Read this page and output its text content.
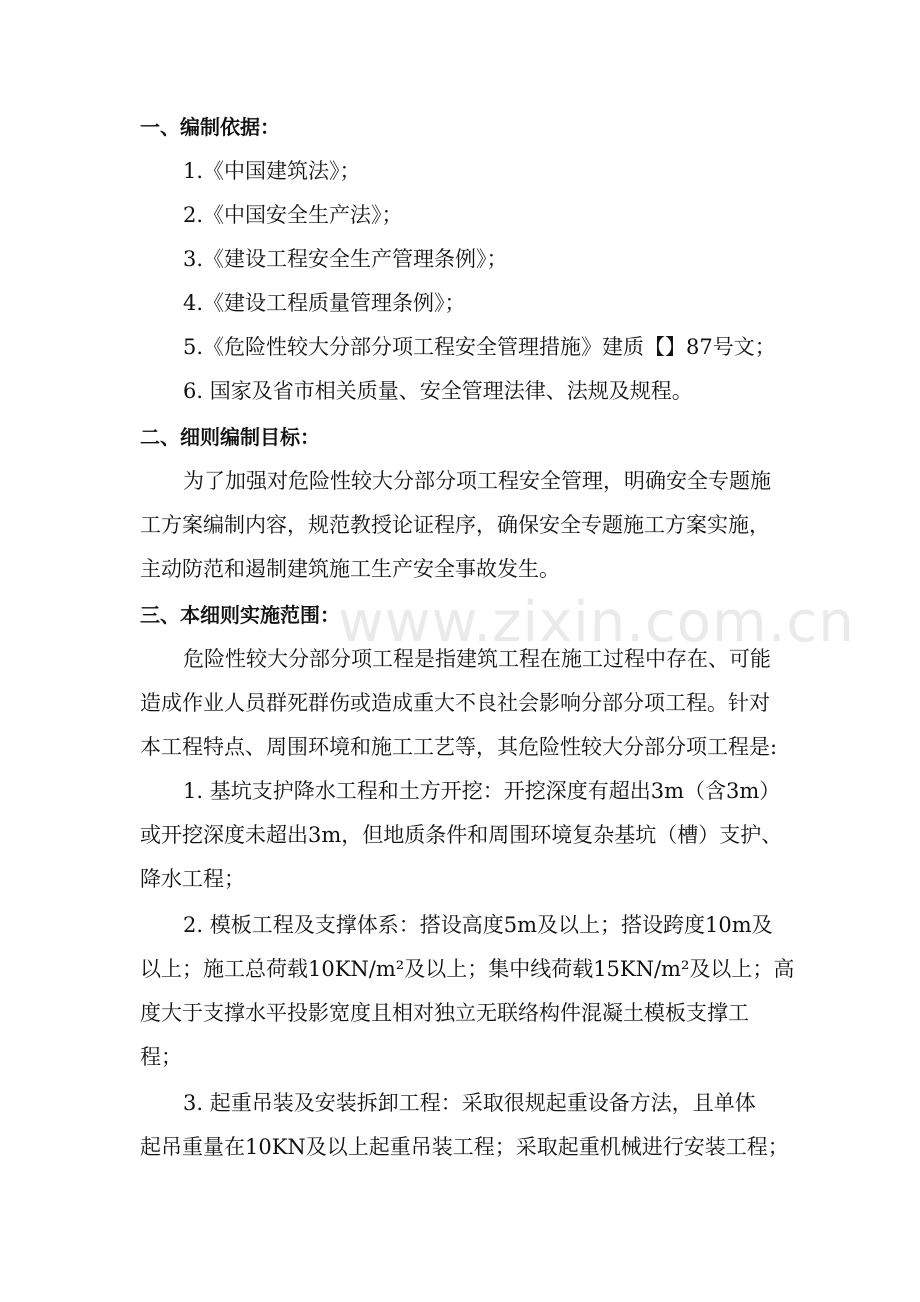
www.zixin.com.cn
一、编制依据：
1.《中国建筑法》；
2.《中国安全生产法》；
3.《建设工程安全生产管理条例》；
4.《建设工程质量管理条例》；
5.《危险性较大分部分项工程安全管理措施》建质【】87号文；
6. 国家及省市相关质量、安全管理法律、法规及规程。
二、细则编制目标：
为了加强对危险性较大分部分项工程安全管理，明确安全专题施
工方案编制内容，规范教授论证程序，确保安全专题施工方案实施，
主动防范和遏制建筑施工生产安全事故发生。
三、本细则实施范围：
危险性较大分部分项工程是指建筑工程在施工过程中存在、可能
造成作业人员群死群伤或造成重大不良社会影响分部分项工程。针对
本工程特点、周围环境和施工工艺等，其危险性较大分部分项工程是:
1. 基坑支护降水工程和土方开挖：开挖深度有超出3m（含3m）
或开挖深度未超出3m，但地质条件和周围环境复杂基坑（槽）支护、
降水工程；
2. 模板工程及支撑体系：搭设高度5m及以上；搭设跨度10m及
以上；施工总荷载10KN/m²及以上；集中线荷载15KN/m²及以上；高
度大于支撑水平投影宽度且相对独立无联络构件混凝土模板支撑工
程；
3. 起重吊装及安装拆卸工程：采取很规起重设备方法，且单体
起吊重量在10KN及以上起重吊装工程；采取起重机械进行安装工程；
